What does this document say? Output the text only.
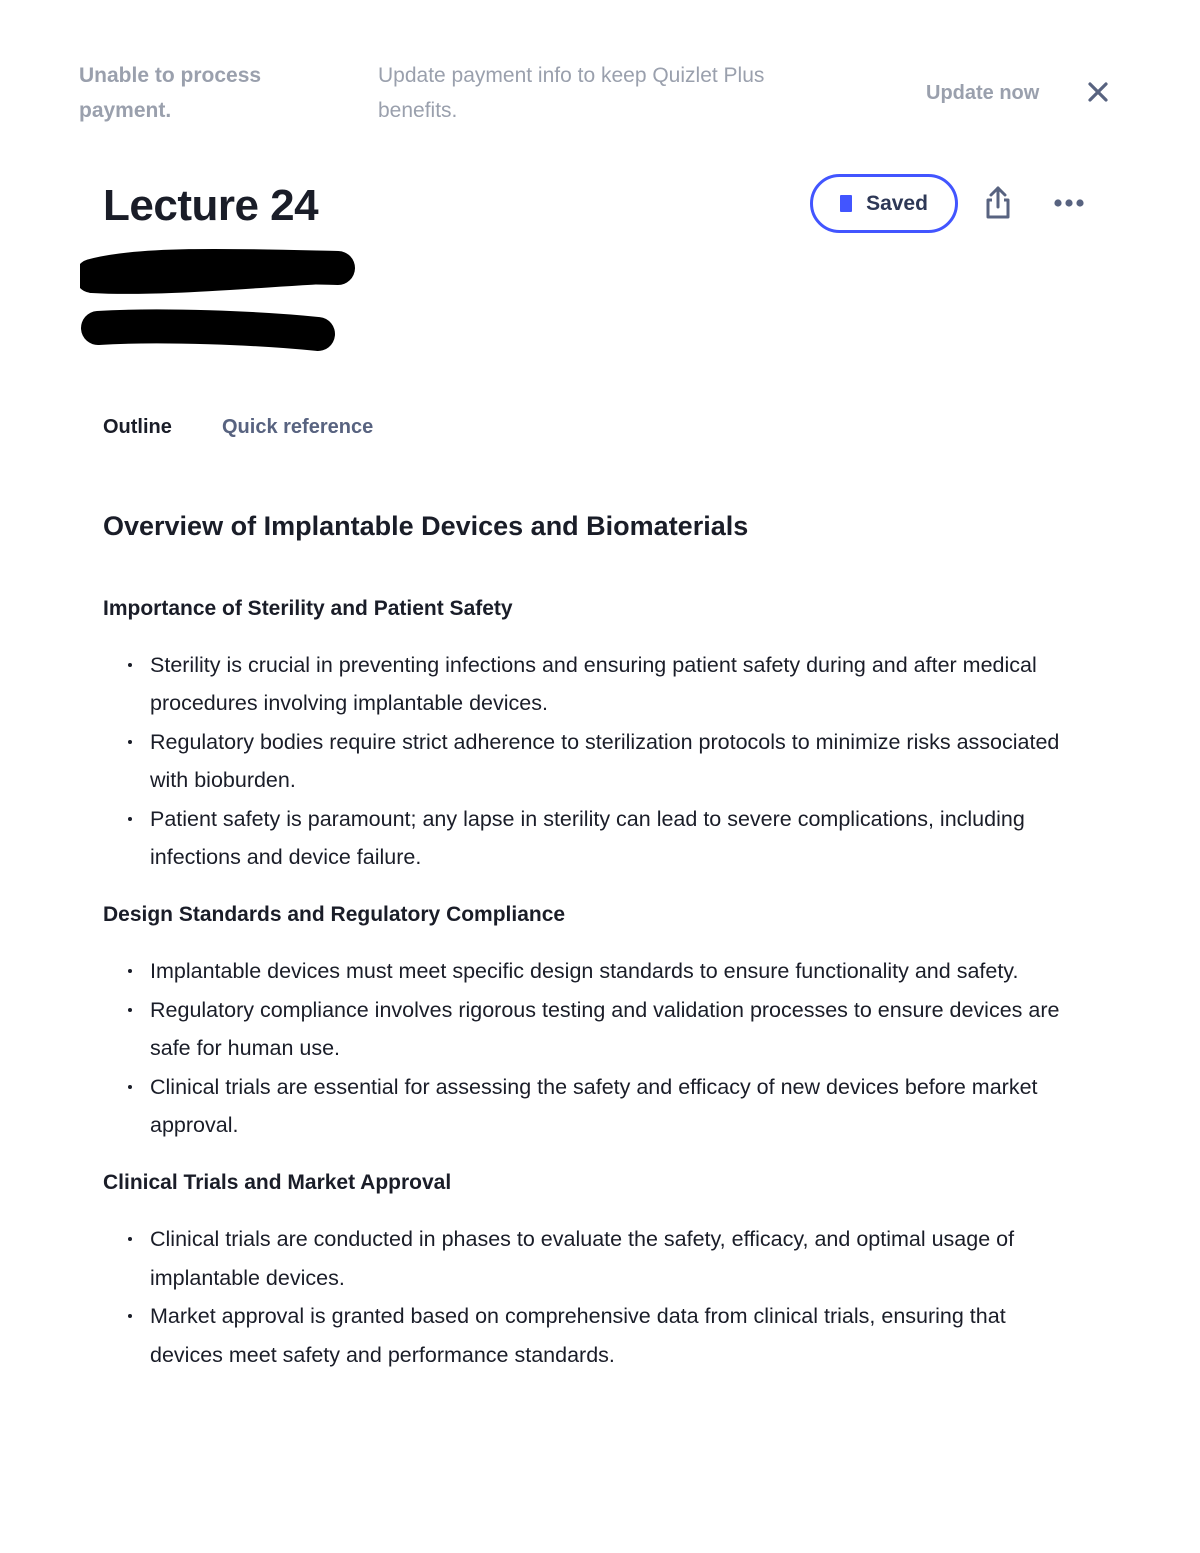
Unable to process payment.
Update payment info to keep Quizlet Plus benefits.
Update now
Lecture 24	Saved
Outline	Quick reference
Overview of Implantable Devices and Biomaterials
Importance of Sterility and Patient Safety
Sterility is crucial in preventing infections and ensuring patient safety during and after medical procedures involving implantable devices.
Regulatory bodies require strict adherence to sterilization protocols to minimize risks associated with bioburden.
Patient safety is paramount; any lapse in sterility can lead to severe complications, including infections and device failure.
Design Standards and Regulatory Compliance
Implantable devices must meet specific design standards to ensure functionality and safety.
Regulatory compliance involves rigorous testing and validation processes to ensure devices are safe for human use.
Clinical trials are essential for assessing the safety and efficacy of new devices before market approval.
Clinical Trials and Market Approval
Clinical trials are conducted in phases to evaluate the safety, efficacy, and optimal usage of implantable devices.
Market approval is granted based on comprehensive data from clinical trials, ensuring that devices meet safety and performance standards.
